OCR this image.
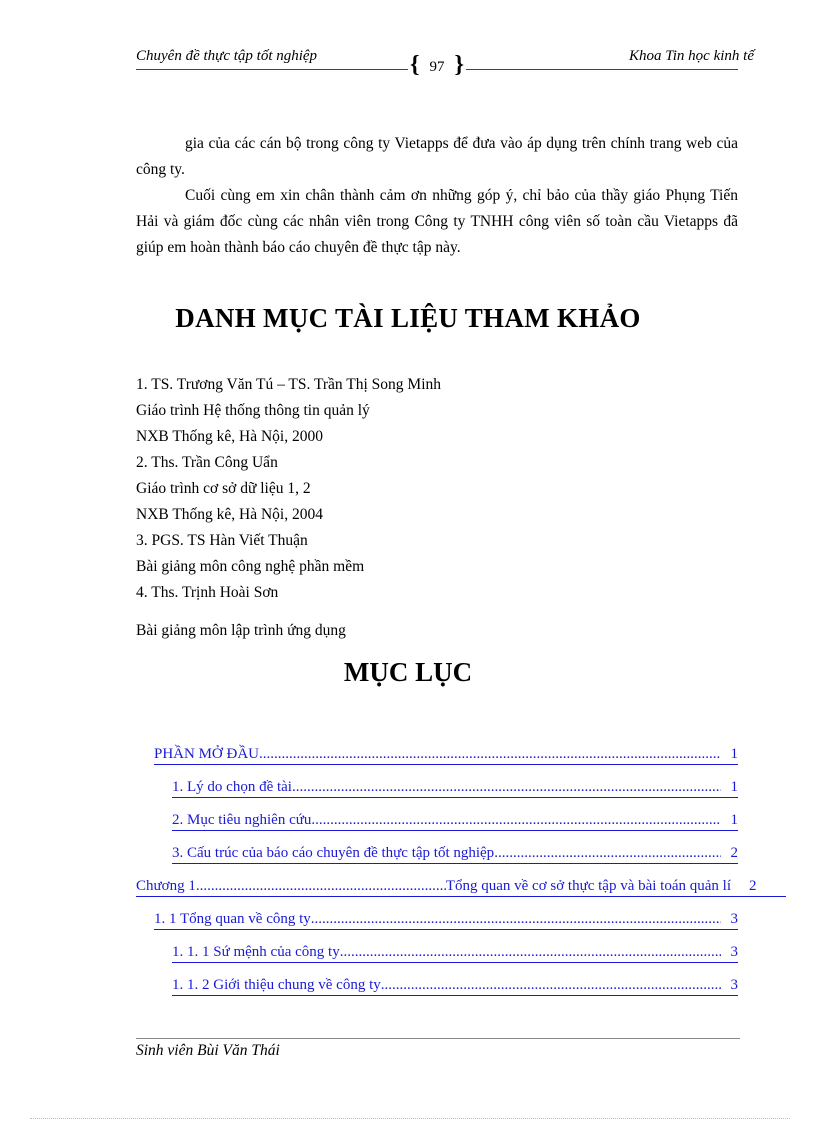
Chuyên đề thực tập tốt nghiệp	Khoa Tin học kinh tế
{ 97 }

gia của các cán bộ trong công ty Vietapps để đưa vào áp dụng trên chính trang web của công ty.

Cuối cùng em xin chân thành cảm ơn những góp ý, chỉ bảo của thầy giáo Phụng Tiến Hải và giám đốc cùng các nhân viên trong Công ty TNHH công viên số toàn cầu Vietapps đã giúp em hoàn thành báo cáo chuyên đề thực tập này.

DANH MỤC TÀI LIỆU THAM KHẢO
1. TS. Trương Văn Tú – TS. Trần Thị Song Minh
Giáo trình Hệ thống thông tin quản lý
NXB Thống kê, Hà Nội, 2000
2. Ths. Trần Công Uẩn
Giáo trình cơ sở dữ liệu 1, 2
NXB Thống kê, Hà Nội, 2004
3. PGS. TS Hàn Viết Thuận
Bài giảng môn công nghệ phần mềm
4. Ths. Trịnh Hoài Sơn
Bài giảng môn lập trình ứng dụng
MỤC LỤC
PHẦN MỞ ĐẦU .....	1
1. Lý do chọn đề tài .....	1
2. Mục tiêu nghiên cứu .....	1
3. Cấu trúc của báo cáo chuyên đề thực tập tốt nghiệp .....	2
Chương 1 .....	Tổng quan về cơ sở thực tập và bài toán quản lí	2
1. 1 Tổng quan về công ty .....	3
1. 1. 1 Sứ mệnh của công ty .....	3
1. 1. 2 Giới thiệu chung về công ty .....	3
Sinh viên Bùi Văn Thái
